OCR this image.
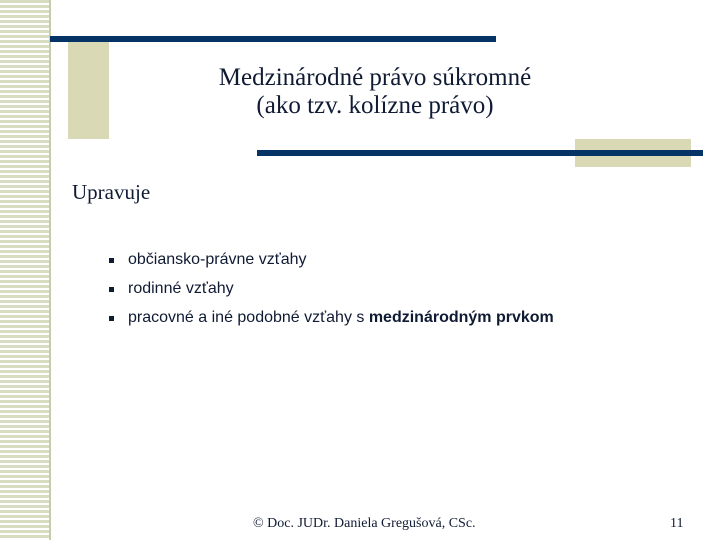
Medzinárodné právo súkromné
(ako tzv. kolízne právo)
Upravuje
občiansko-právne vzťahy
rodinné vzťahy
pracovné a iné podobné vzťahy s medzinárodným prvkom
© Doc. JUDr. Daniela Gregušová, CSc.	11
